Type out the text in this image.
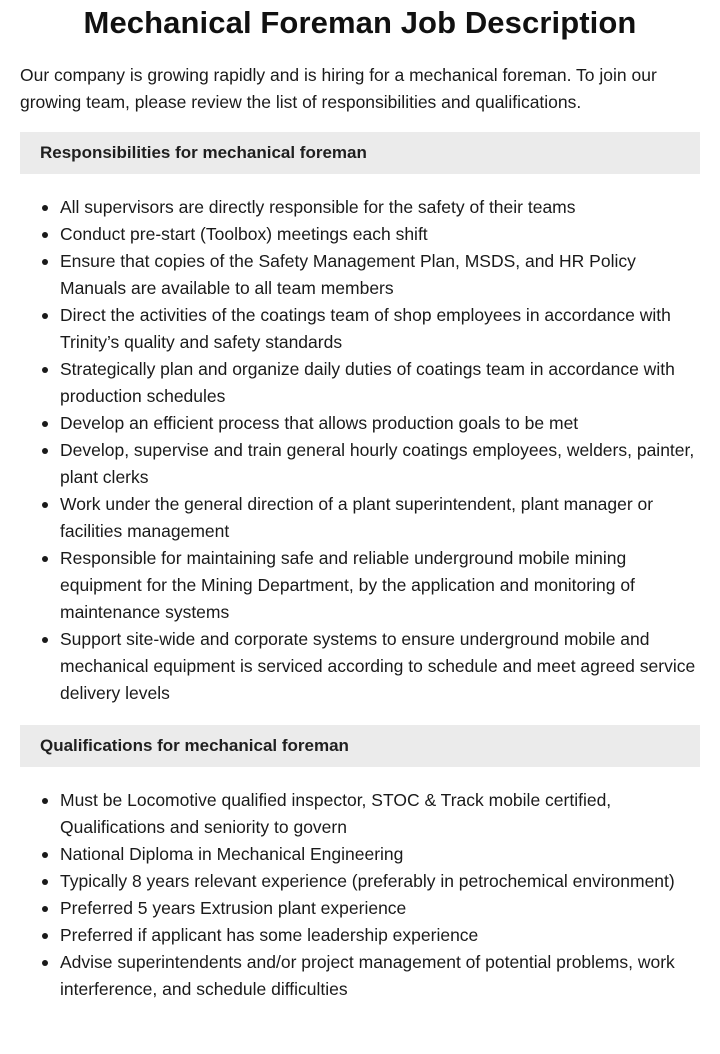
Mechanical Foreman Job Description

Our company is growing rapidly and is hiring for a mechanical foreman. To join our growing team, please review the list of responsibilities and qualifications.

Responsibilities for mechanical foreman
All supervisors are directly responsible for the safety of their teams
Conduct pre-start (Toolbox) meetings each shift
Ensure that copies of the Safety Management Plan, MSDS, and HR Policy Manuals are available to all team members
Direct the activities of the coatings team of shop employees in accordance with Trinity’s quality and safety standards
Strategically plan and organize daily duties of coatings team in accordance with production schedules
Develop an efficient process that allows production goals to be met
Develop, supervise and train general hourly coatings employees, welders, painter, plant clerks
Work under the general direction of a plant superintendent, plant manager or facilities management
Responsible for maintaining safe and reliable underground mobile mining equipment for the Mining Department, by the application and monitoring of maintenance systems
Support site-wide and corporate systems to ensure underground mobile and mechanical equipment is serviced according to schedule and meet agreed service delivery levels
Qualifications for mechanical foreman
Must be Locomotive qualified inspector, STOC & Track mobile certified, Qualifications and seniority to govern
National Diploma in Mechanical Engineering
Typically 8 years relevant experience (preferably in petrochemical environment)
Preferred 5 years Extrusion plant experience
Preferred if applicant has some leadership experience
Advise superintendents and/or project management of potential problems, work interference, and schedule difficulties
